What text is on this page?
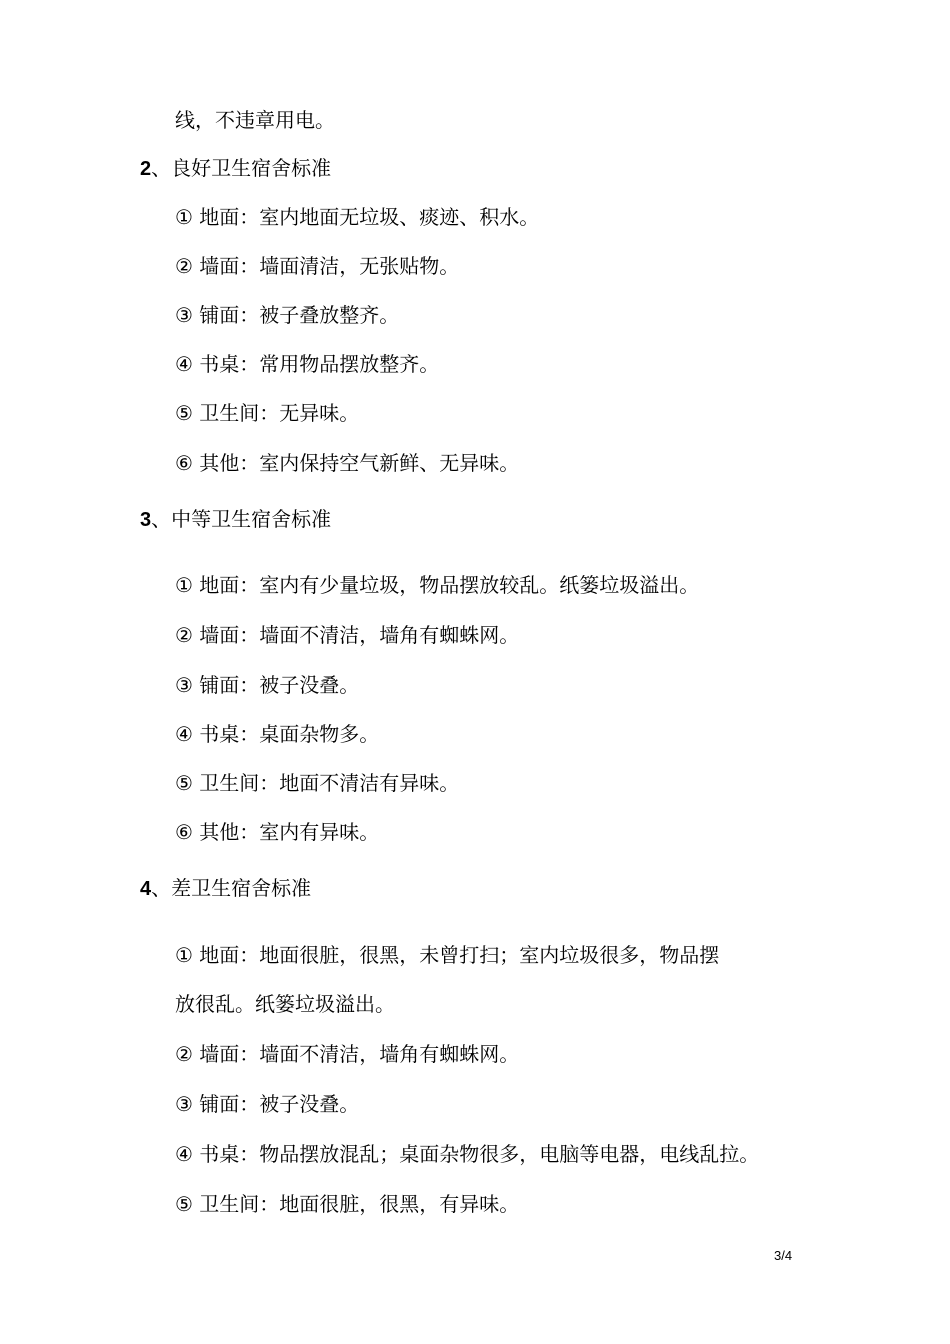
线，不违章用电。
2、良好卫生宿舍标准
① 地面：室内地面无垃圾、痰迹、积水。
② 墙面：墙面清洁，无张贴物。
③ 铺面：被子叠放整齐。
④ 书桌：常用物品摆放整齐。
⑤ 卫生间：无异味。
⑥ 其他：室内保持空气新鲜、无异味。
3、中等卫生宿舍标准
① 地面：室内有少量垃圾，物品摆放较乱。纸篓垃圾溢出。
② 墙面：墙面不清洁，墙角有蜘蛛网。
③ 铺面：被子没叠。
④ 书桌：桌面杂物多。
⑤ 卫生间：地面不清洁有异味。
⑥ 其他：室内有异味。
4、差卫生宿舍标准
① 地面：地面很脏，很黑，未曾打扫；室内垃圾很多，物品摆
放很乱。纸篓垃圾溢出。
② 墙面：墙面不清洁，墙角有蜘蛛网。
③ 铺面：被子没叠。
④ 书桌：物品摆放混乱；桌面杂物很多，电脑等电器，电线乱拉。
⑤ 卫生间：地面很脏，很黑，有异味。
3/4
